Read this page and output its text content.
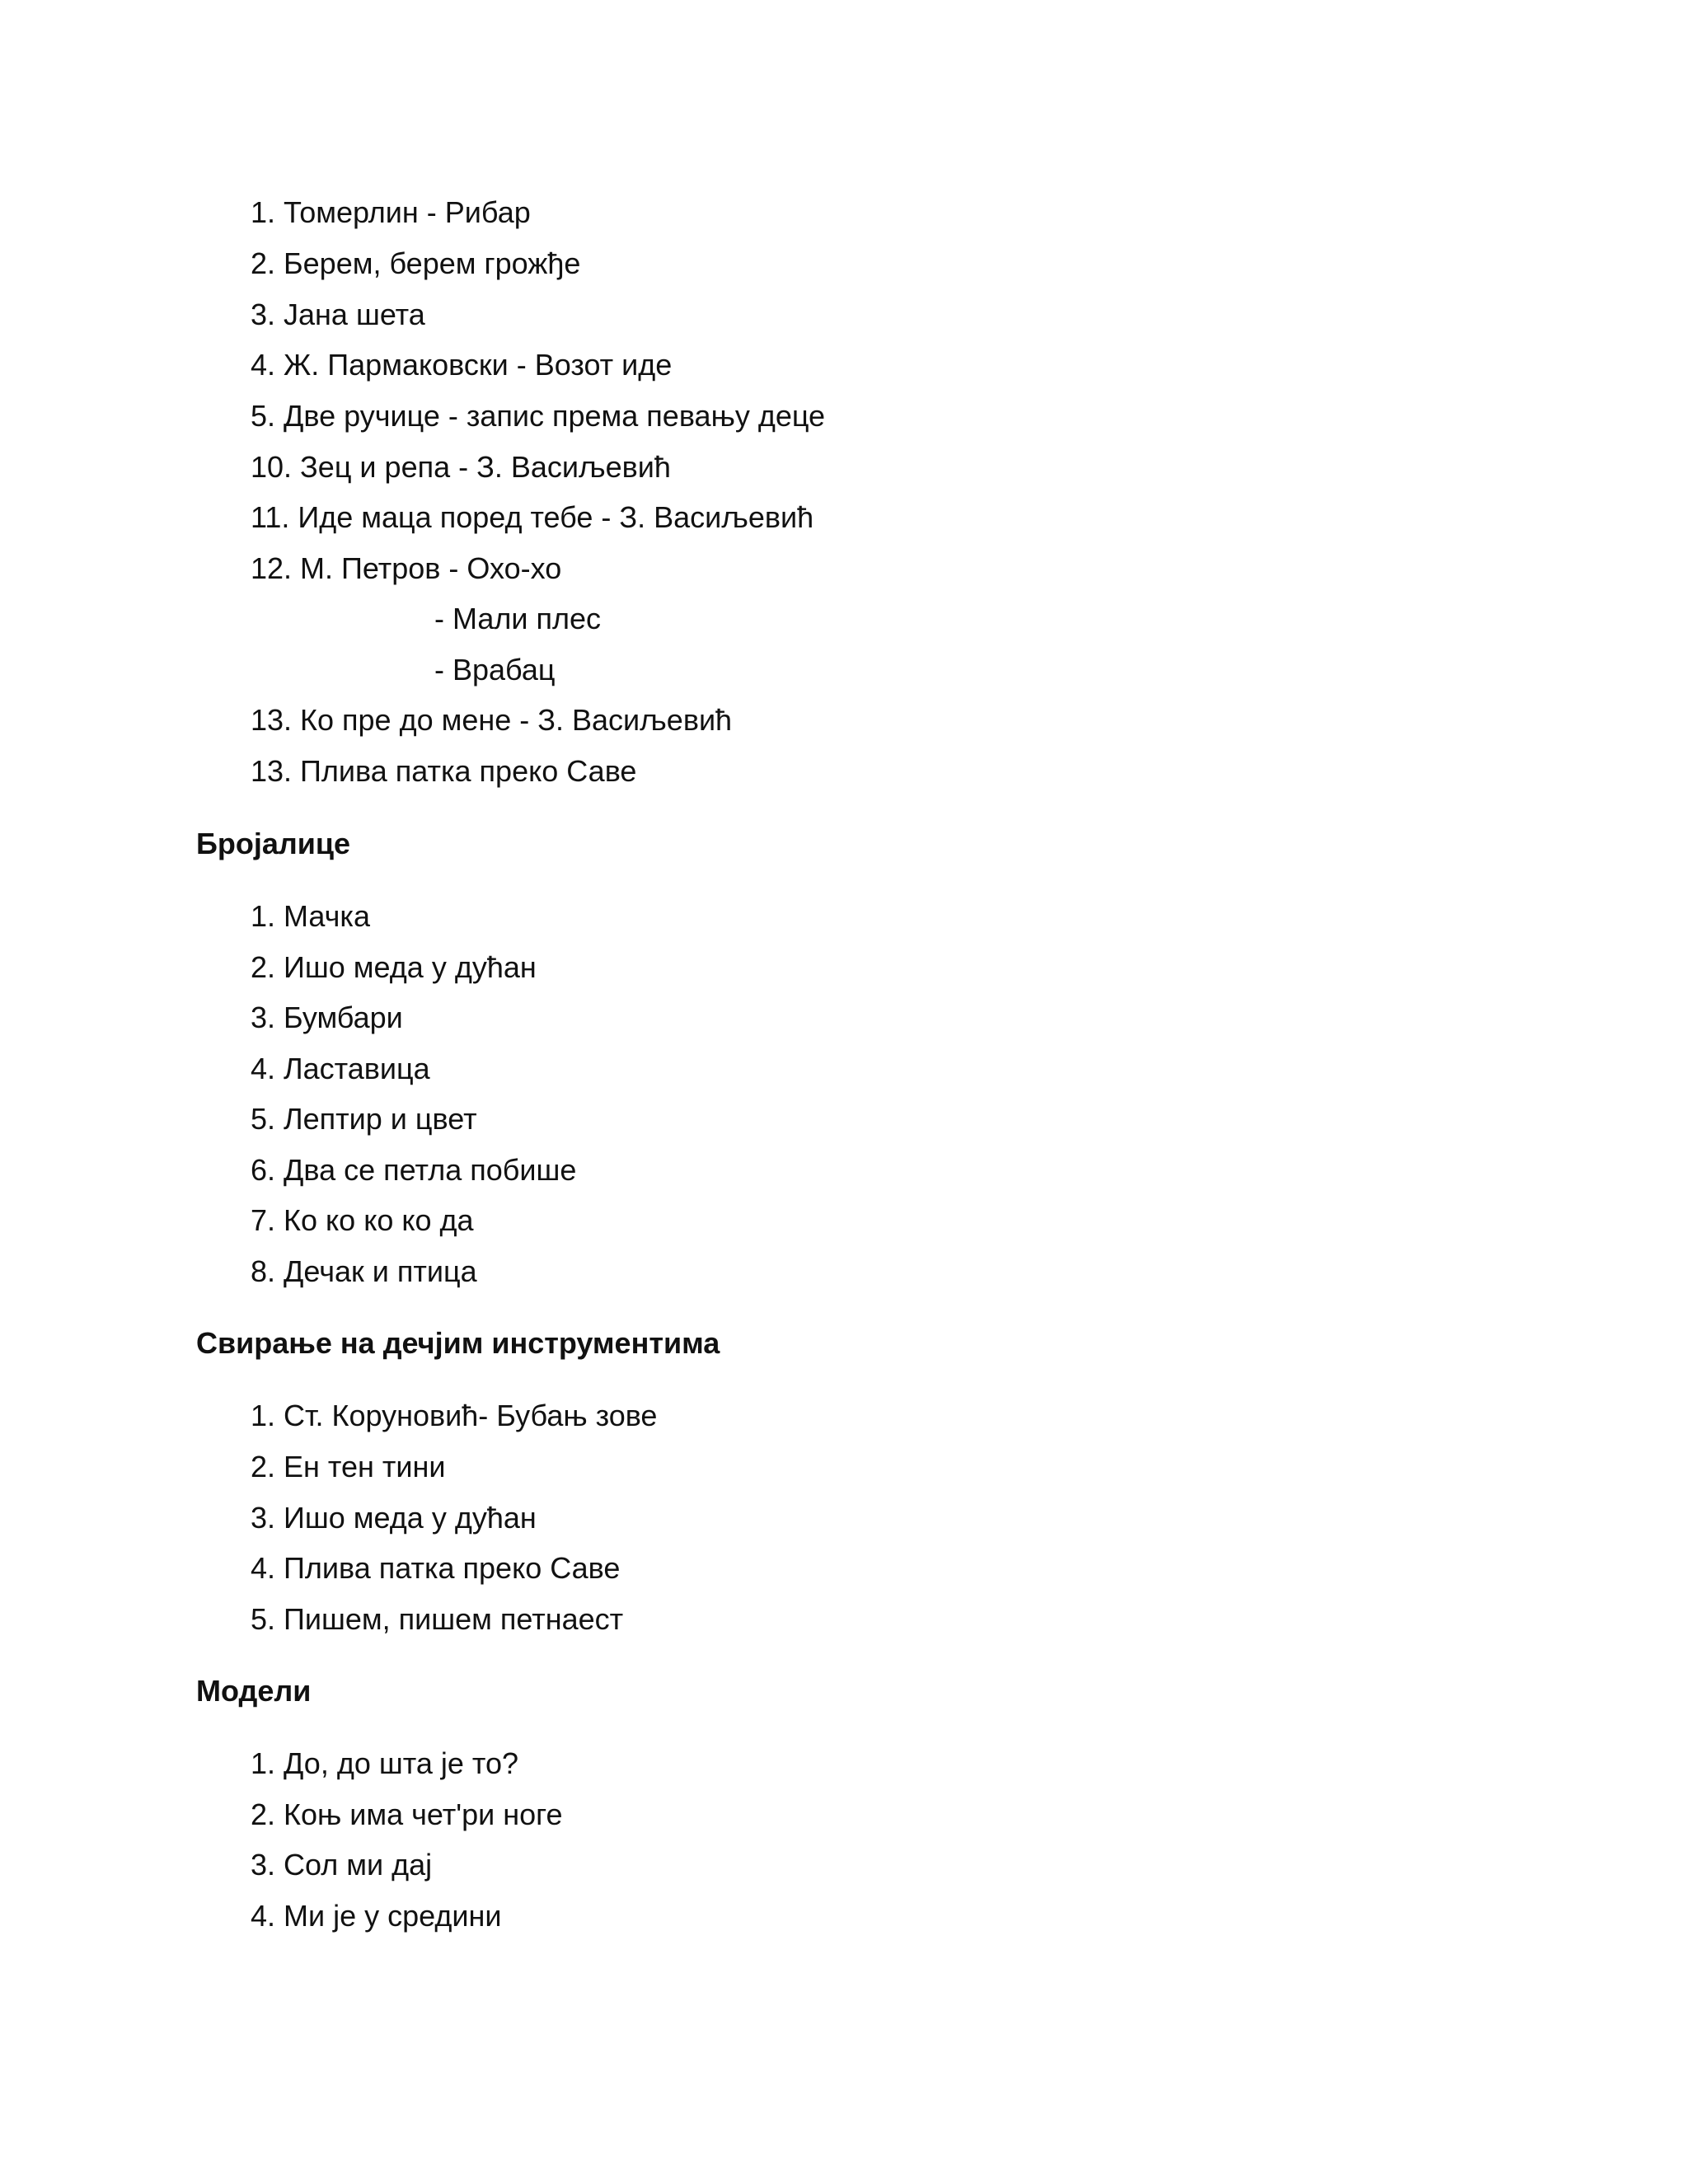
1. Томерлин - Рибар
2. Берем, берем грожђе
3. Јана шета
4. Ж. Пармаковски - Возот иде
5. Две ручице - запис према певању деце
10. Зец и репа - З. Васиљевић
11. Иде маца поред тебе - З. Васиљевић
12. М. Петров - Охо-хо
- Мали плес
- Врабац
13. Ко пре до мене - З. Васиљевић
13. Плива патка преко Саве
Бројалице
1. Мачка
2. Ишо меда у дућан
3. Бумбари
4. Ластавица
5. Лептир и цвет
6. Два се петла побише
7. Ко ко ко ко да
8. Дечак и птица
Свирање на дечјим инструментима
1. Ст. Коруновић- Бубањ зове
2. Ен тен тини
3. Ишо меда у дућан
4. Плива патка преко Саве
5. Пишем, пишем петнаест
Модели
1. До, до шта је то?
2. Коњ има чет'ри ноге
3. Сол ми дај
4. Ми је у средини
